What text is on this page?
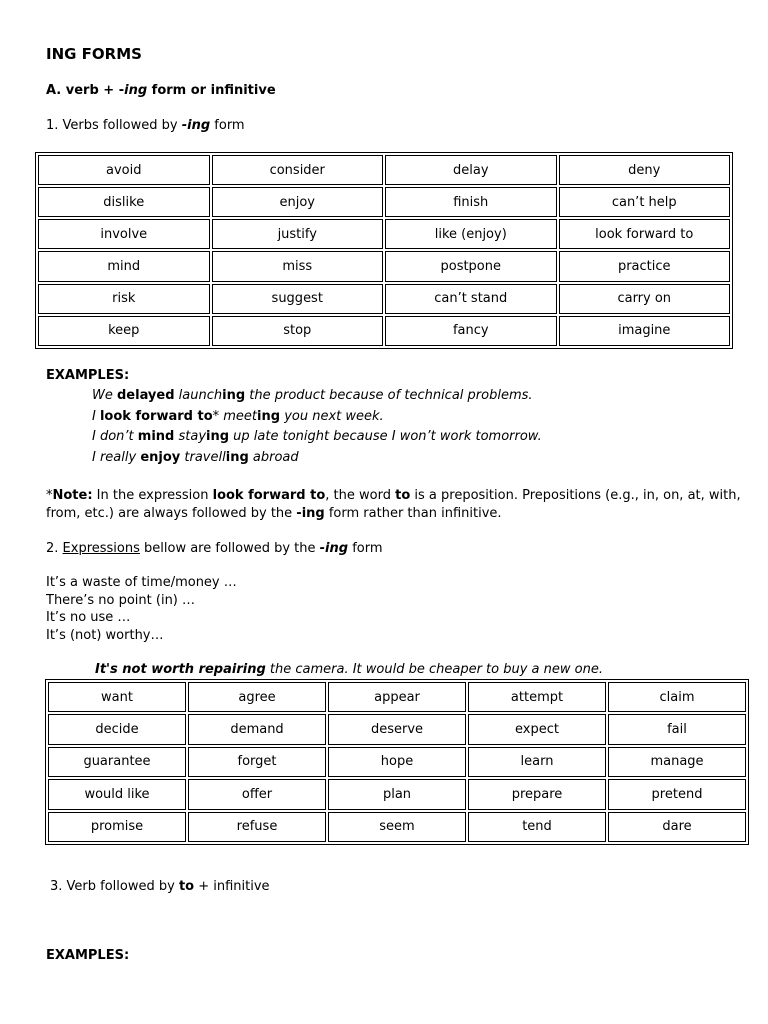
ING FORMS
A. verb + -ing form or infinitive
1. Verbs followed by -ing form
avoid	consider	delay	deny
dislike	enjoy	finish	can’t help
involve	justify	like (enjoy)	look forward to
mind	miss	postpone	practice
risk	suggest	can’t stand	carry on
keep	stop	fancy	imagine
EXAMPLES:
We delayed launching the product because of technical problems.
I look forward to* meeting you next week.
I don’t mind staying up late tonight because I won’t work tomorrow.
I really enjoy travelling abroad
*Note: In the expression look forward to, the word to is a preposition. Prepositions (e.g., in, on, at, with, from, etc.) are always followed by the -ing form rather than infinitive.
2. Expressions bellow are followed by the -ing form
It’s a waste of time/money …
There’s no point (in) …
It’s no use …
It’s (not) worthy…
It's not worth repairing the camera. It would be cheaper to buy a new one.
want	agree	appear	attempt	claim
decide	demand	deserve	expect	fail
guarantee	forget	hope	learn	manage
would like	offer	plan	prepare	pretend
promise	refuse	seem	tend	dare
3. Verb followed by to + infinitive
EXAMPLES:
